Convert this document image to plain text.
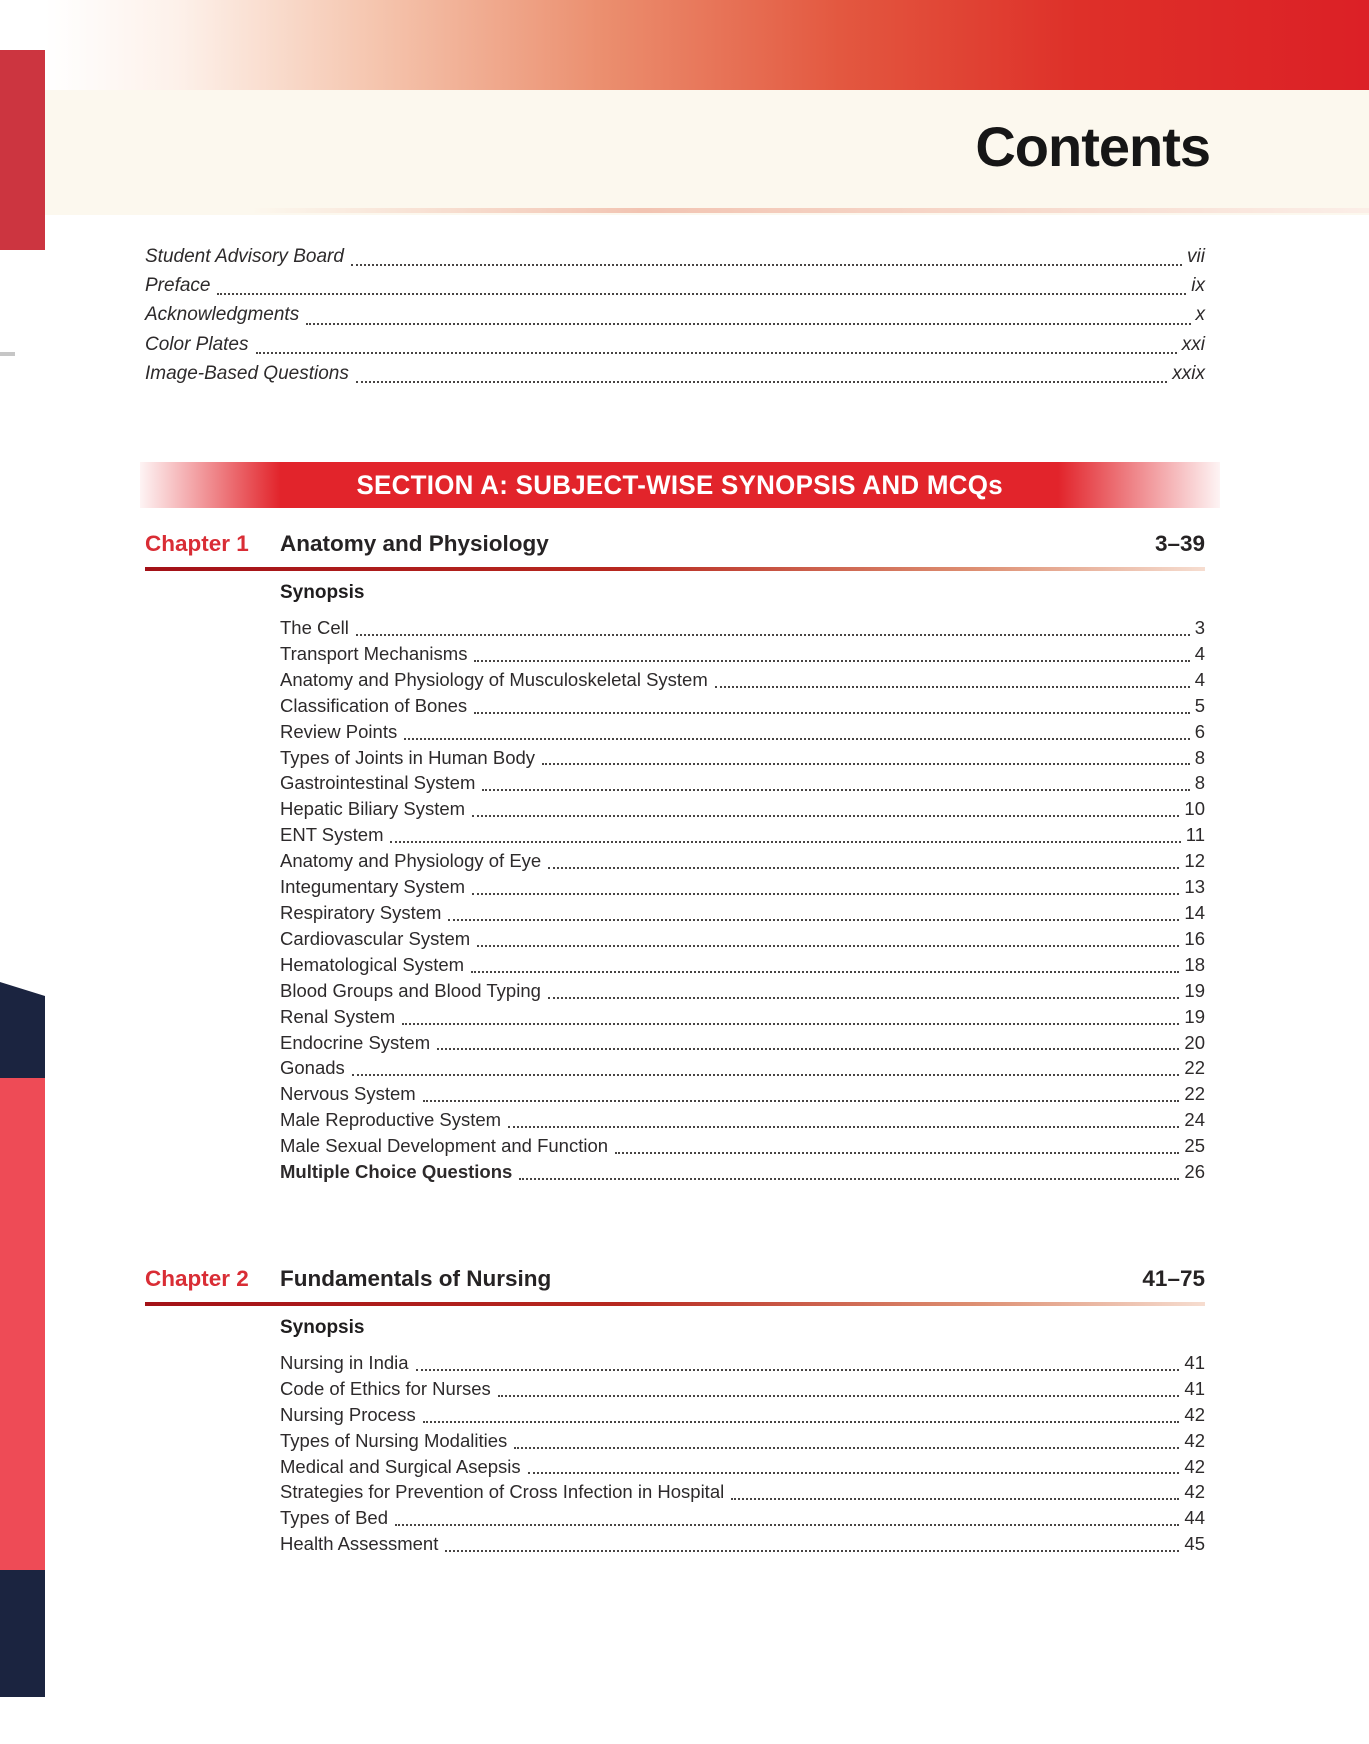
Contents
Student Advisory Board	vii
Preface	ix
Acknowledgments	x
Color Plates	xxi
Image-Based Questions	xxix
SECTION A: SUBJECT-WISE SYNOPSIS AND MCQs
Chapter 1	Anatomy and Physiology	3–39
Synopsis
The Cell	3
Transport Mechanisms	4
Anatomy and Physiology of Musculoskeletal System	4
Classification of Bones	5
Review Points	6
Types of Joints in Human Body	8
Gastrointestinal System	8
Hepatic Biliary System	10
ENT System	11
Anatomy and Physiology of Eye	12
Integumentary System	13
Respiratory System	14
Cardiovascular System	16
Hematological System	18
Blood Groups and Blood Typing	19
Renal System	19
Endocrine System	20
Gonads	22
Nervous System	22
Male Reproductive System	24
Male Sexual Development and Function	25
Multiple Choice Questions	26
Chapter 2	Fundamentals of Nursing	41–75
Synopsis
Nursing in India	41
Code of Ethics for Nurses	41
Nursing Process	42
Types of Nursing Modalities	42
Medical and Surgical Asepsis	42
Strategies for Prevention of Cross Infection in Hospital	42
Types of Bed	44
Health Assessment	45
